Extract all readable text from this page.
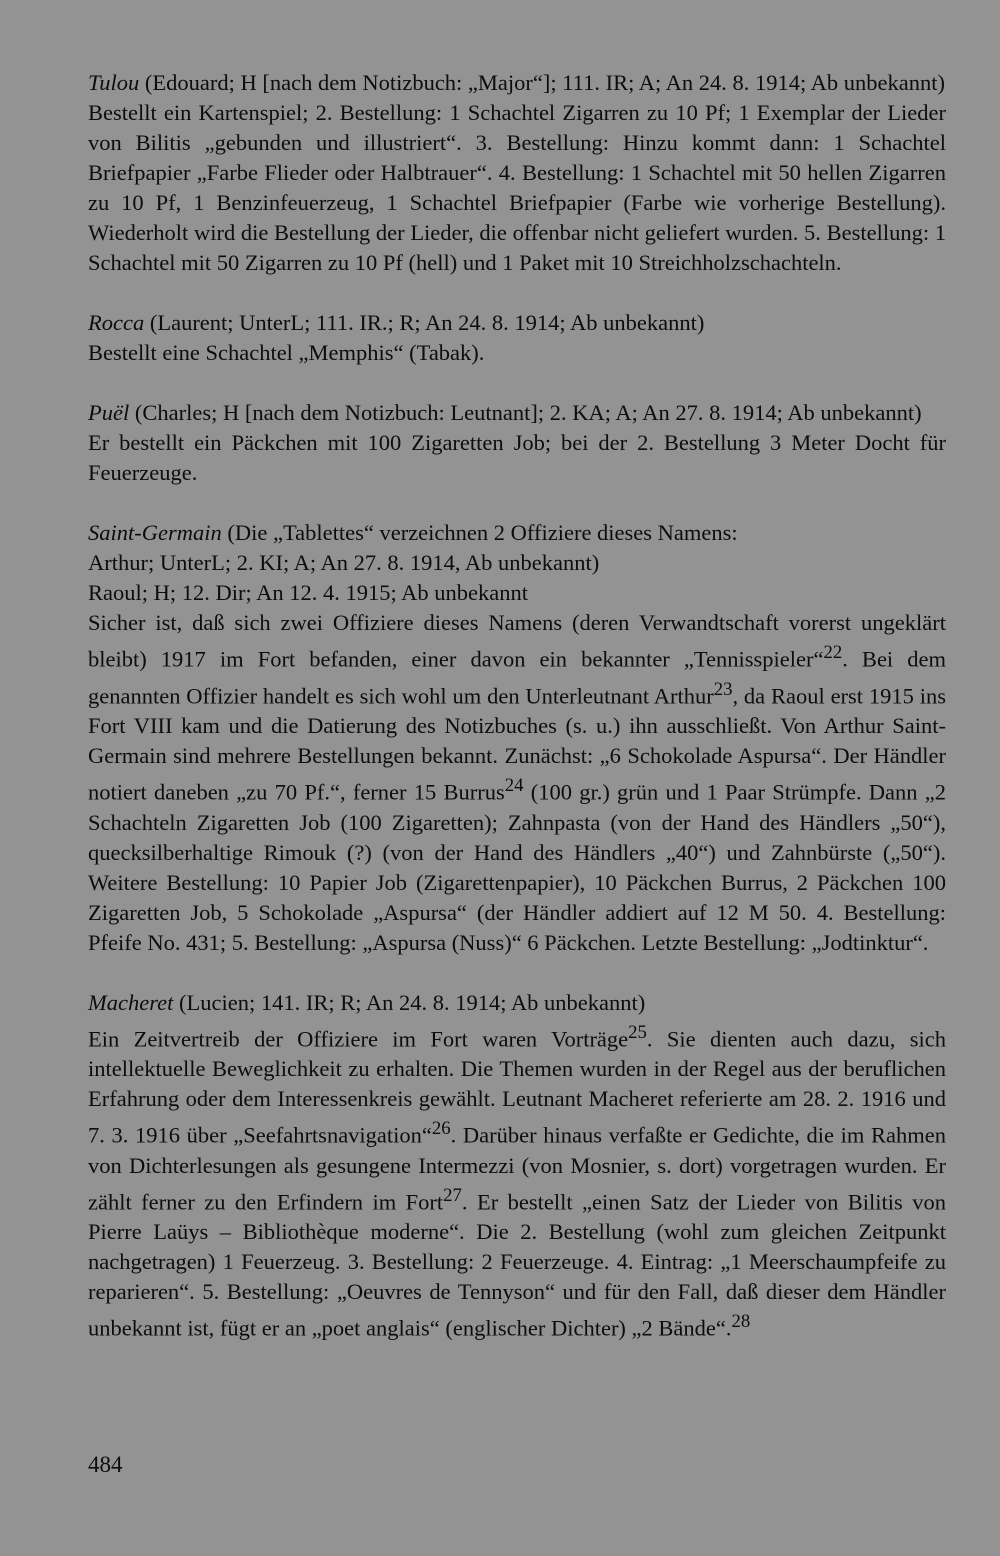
Tulou (Edouard; H [nach dem Notizbuch: „Major“]; 111. IR; A; An 24. 8. 1914; Ab unbekannt)

Bestellt ein Kartenspiel; 2. Bestellung: 1 Schachtel Zigarren zu 10 Pf; 1 Exemplar der Lieder von Bilitis „gebunden und illustriert“. 3. Bestellung: Hinzu kommt dann: 1 Schachtel Briefpapier „Farbe Flieder oder Halbtrauer“. 4. Bestellung: 1 Schachtel mit 50 hellen Zigarren zu 10 Pf, 1 Benzinfeuerzeug, 1 Schachtel Briefpapier (Farbe wie vorherige Bestellung). Wiederholt wird die Bestellung der Lieder, die offenbar nicht geliefert wurden. 5. Bestellung: 1 Schachtel mit 50 Zigarren zu 10 Pf (hell) und 1 Paket mit 10 Streichholzschachteln.

Rocca (Laurent; UnterL; 111. IR.; R; An 24. 8. 1914; Ab unbekannt)

Bestellt eine Schachtel „Memphis“ (Tabak).

Puël (Charles; H [nach dem Notizbuch: Leutnant]; 2. KA; A; An 27. 8. 1914; Ab unbekannt)

Er bestellt ein Päckchen mit 100 Zigaretten Job; bei der 2. Bestellung 3 Meter Docht für Feuerzeuge.

Saint-Germain (Die „Tablettes“ verzeichnen 2 Offiziere dieses Namens:

Arthur; UnterL; 2. KI; A; An 27. 8. 1914, Ab unbekannt)

Raoul; H; 12. Dir; An 12. 4. 1915; Ab unbekannt

Sicher ist, daß sich zwei Offiziere dieses Namens (deren Verwandtschaft vorerst ungeklärt bleibt) 1917 im Fort befanden, einer davon ein bekannter „Tennisspieler“$^{22}$. Bei dem genannten Offizier handelt es sich wohl um den Unterleutnant Arthur$^{23}$, da Raoul erst 1915 ins Fort VIII kam und die Datierung des Notizbuches (s. u.) ihn ausschließt. Von Arthur Saint-Germain sind mehrere Bestellungen bekannt. Zunächst: „6 Schokolade Aspursa“. Der Händler notiert daneben „zu 70 Pf.“, ferner 15 Burrus$^{24}$ (100 gr.) grün und 1 Paar Strümpfe. Dann „2 Schachteln Zigaretten Job (100 Zigaretten); Zahnpasta (von der Hand des Händlers „50“), quecksilberhaltige Rimouk (?) (von der Hand des Händlers „40“) und Zahnbürste („50“). Weitere Bestellung: 10 Papier Job (Zigarettenpapier), 10 Päckchen Burrus, 2 Päckchen 100 Zigaretten Job, 5 Schokolade „Aspursa“ (der Händler addiert auf 12 M 50. 4. Bestellung: Pfeife No. 431; 5. Bestellung: „Aspursa (Nuss)“ 6 Päckchen. Letzte Bestellung: „Jodtinktur“.

Macheret (Lucien; 141. IR; R; An 24. 8. 1914; Ab unbekannt)

Ein Zeitvertreib der Offiziere im Fort waren Vorträge$^{25}$. Sie dienten auch dazu, sich intellektuelle Beweglichkeit zu erhalten. Die Themen wurden in der Regel aus der beruflichen Erfahrung oder dem Interessenkreis gewählt. Leutnant Macheret referierte am 28. 2. 1916 und 7. 3. 1916 über „Seefahrtsnavigation“$^{26}$. Darüber hinaus verfaßte er Gedichte, die im Rahmen von Dichterlesungen als gesungene Intermezzi (von Mosnier, s. dort) vorgetragen wurden. Er zählt ferner zu den Erfindern im Fort$^{27}$. Er bestellt „einen Satz der Lieder von Bilitis von Pierre Laüys – Bibliothèque moderne“. Die 2. Bestellung (wohl zum gleichen Zeitpunkt nachgetragen) 1 Feuerzeug. 3. Bestellung: 2 Feuerzeuge. 4. Eintrag: „1 Meerschaumpfeife zu reparieren“. 5. Bestellung: „Oeuvres de Tennyson“ und für den Fall, daß dieser dem Händler unbekannt ist, fügt er an „poet anglais“ (englischer Dichter) „2 Bände“.$^{28}$

484
